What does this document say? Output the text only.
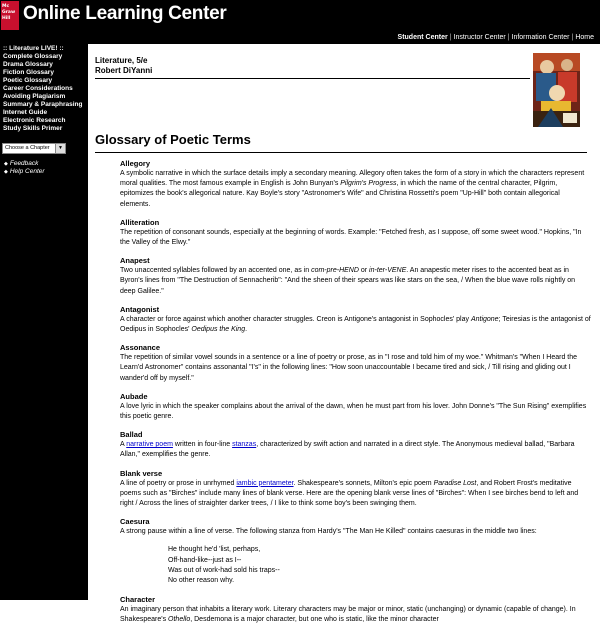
Mc
Graw
Hill Online Learning Center
Student Center | Instructor Center | Information Center | Home
:: Literature LIVE! ::
Complete Glossary
Drama Glossary
Fiction Glossary
Poetic Glossary
Career Considerations
Avoiding Plagiarism
Summary & Paraphrasing
Internet Guide
Electronic Research
Study Skills Primer
Choose a Chapter	▼
◆ Feedback
◆ Help Center
Literature, 5/e
Robert DiYanni
Glossary of Poetic Terms
Allegory
A symbolic narrative in which the surface details imply a secondary meaning. Allegory often takes the form of a story in which the characters represent moral qualities. The most famous example in English is John Bunyan's Pilgrim's Progress, in which the name of the central character, Pilgrim, epitomizes the book's allegorical nature. Kay Boyle's story "Astronomer's Wife" and Christina Rossetti's poem "Up-Hill" both contain allegorical elements.
Alliteration
The repetition of consonant sounds, especially at the beginning of words. Example: "Fetched fresh, as I suppose, off some sweet wood." Hopkins, "In the Valley of the Elwy."
Anapest
Two unaccented syllables followed by an accented one, as in com-pre-HEND or in-ter-VENE. An anapestic meter rises to the accented beat as in Byron's lines from "The Destruction of Sennacherib": "And the sheen of their spears was like stars on the sea, / When the blue wave rolls nightly on deep Galilee."
Antagonist
A character or force against which another character struggles. Creon is Antigone's antagonist in Sophocles' play Antigone; Teiresias is the antagonist of Oedipus in Sophocles' Oedipus the King.
Assonance
The repetition of similar vowel sounds in a sentence or a line of poetry or prose, as in "I rose and told him of my woe." Whitman's "When I Heard the Learn'd Astronomer" contains assonantal "I's" in the following lines: "How soon unaccountable I became tired and sick, / Till rising and gliding out I wander'd off by myself."
Aubade
A love lyric in which the speaker complains about the arrival of the dawn, when he must part from his lover. John Donne's "The Sun Rising" exemplifies this poetic genre.
Ballad
A narrative poem written in four-line stanzas, characterized by swift action and narrated in a direct style. The Anonymous medieval ballad, "Barbara Allan," exemplifies the genre.
Blank verse
A line of poetry or prose in unrhymed iambic pentameter. Shakespeare's sonnets, Milton's epic poem Paradise Lost, and Robert Frost's meditative poems such as "Birches" include many lines of blank verse. Here are the opening blank verse lines of "Birches": When I see birches bend to left and right / Across the lines of straighter darker trees, / I like to think some boy's been swinging them.
Caesura
A strong pause within a line of verse. The following stanza from Hardy's "The Man He Killed" contains caesuras in the middle two lines:
He thought he'd 'list, perhaps,
Off-hand-like--just as I--
Was out of work-had sold his traps--
No other reason why.
Character
An imaginary person that inhabits a literary work. Literary characters may be major or minor, static (unchanging) or dynamic (capable of change). In Shakespeare's Othello, Desdemona is a major character, but one who is static, like the minor character
